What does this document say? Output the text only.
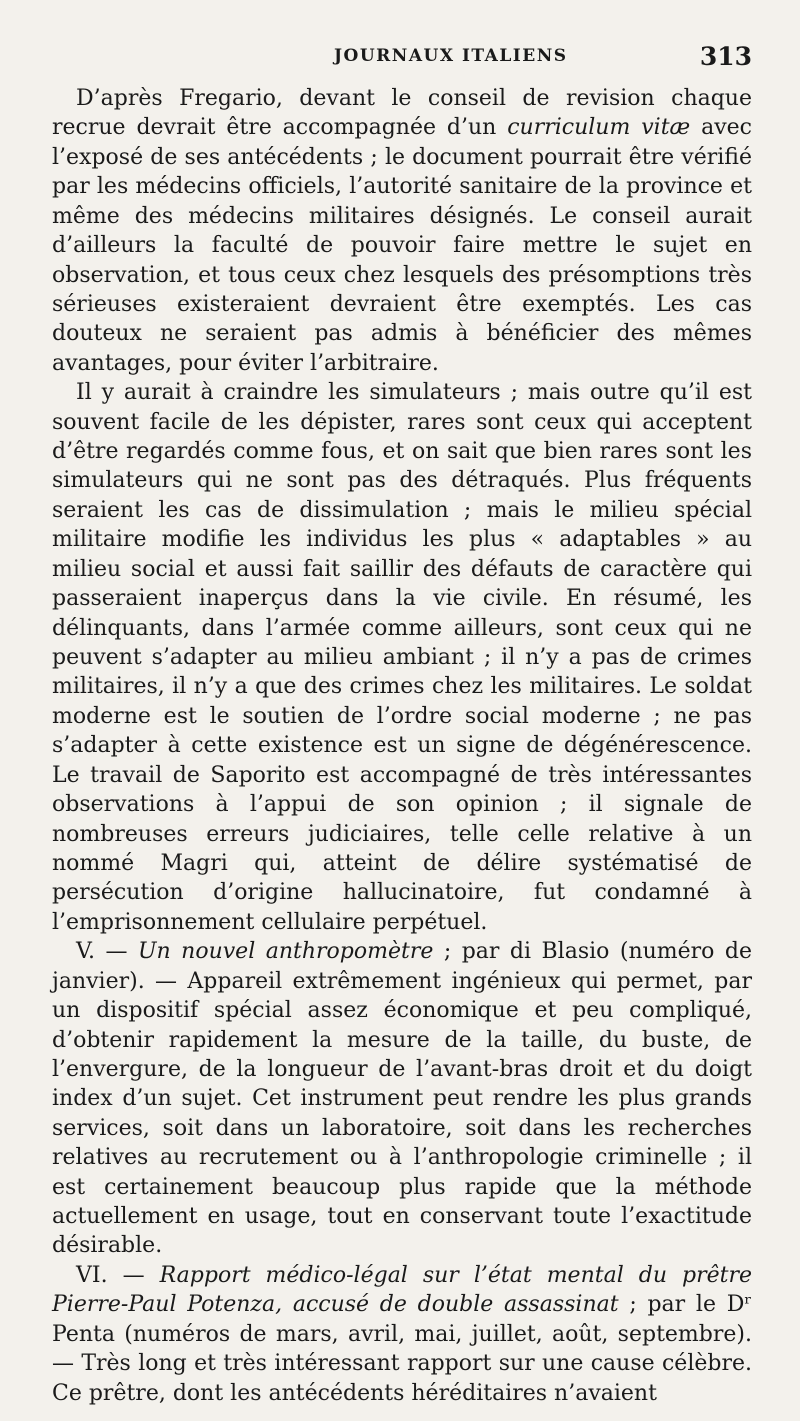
JOURNAUX ITALIENS	313

D’après Fregario, devant le conseil de revision chaque recrue devrait être accompagnée d’un curriculum vitæ avec l’exposé de ses antécédents ; le document pourrait être vérifié par les médecins officiels, l’autorité sanitaire de la province et même des médecins militaires désignés. Le conseil aurait d’ailleurs la faculté de pouvoir faire mettre le sujet en observation, et tous ceux chez lesquels des présomptions très sérieuses existeraient devraient être exemptés. Les cas douteux ne seraient pas admis à bénéficier des mêmes avantages, pour éviter l’arbitraire.

Il y aurait à craindre les simulateurs ; mais outre qu’il est souvent facile de les dépister, rares sont ceux qui acceptent d’être regardés comme fous, et on sait que bien rares sont les simulateurs qui ne sont pas des détraqués. Plus fréquents seraient les cas de dissimulation ; mais le milieu spécial militaire modifie les individus les plus « adaptables » au milieu social et aussi fait saillir des défauts de caractère qui passeraient inaperçus dans la vie civile. En résumé, les délinquants, dans l’armée comme ailleurs, sont ceux qui ne peuvent s’adapter au milieu ambiant ; il n’y a pas de crimes militaires, il n’y a que des crimes chez les militaires. Le soldat moderne est le soutien de l’ordre social moderne ; ne pas s’adapter à cette existence est un signe de dégénérescence. Le travail de Saporito est accompagné de très intéressantes observations à l’appui de son opinion ; il signale de nombreuses erreurs judiciaires, telle celle relative à un nommé Magri qui, atteint de délire systématisé de persécution d’origine hallucinatoire, fut condamné à l’emprisonnement cellulaire perpétuel.

V. — Un nouvel anthropomètre ; par di Blasio (numéro de janvier). — Appareil extrêmement ingénieux qui permet, par un dispositif spécial assez économique et peu compliqué, d’obtenir rapidement la mesure de la taille, du buste, de l’envergure, de la longueur de l’avant-bras droit et du doigt index d’un sujet. Cet instrument peut rendre les plus grands services, soit dans un laboratoire, soit dans les recherches relatives au recrutement ou à l’anthropologie criminelle ; il est certainement beaucoup plus rapide que la méthode actuellement en usage, tout en conservant toute l’exactitude désirable.

VI. — Rapport médico-légal sur l’état mental du prêtre Pierre-Paul Potenza, accusé de double assassinat ; par le Dʳ Penta (numéros de mars, avril, mai, juillet, août, septembre). — Très long et très intéressant rapport sur une cause célèbre. Ce prêtre, dont les antécédents héréditaires n’avaient
